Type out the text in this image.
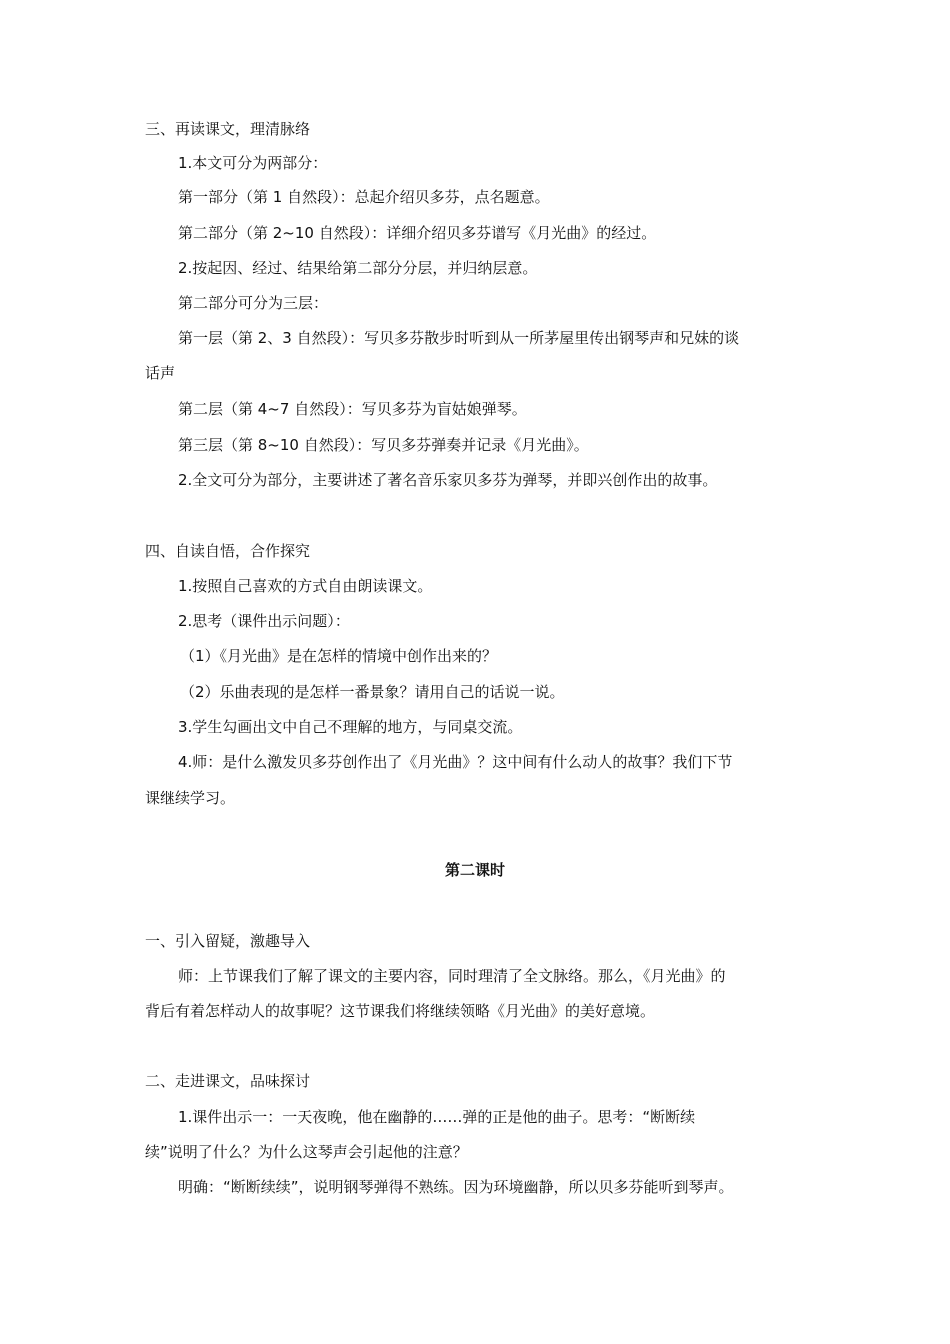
三、再读课文，理清脉络
1.本文可分为两部分：
第一部分（第 1 自然段）：总起介绍贝多芬，点名题意。
第二部分（第 2~10 自然段）：详细介绍贝多芬谱写《月光曲》的经过。
2.按起因、经过、结果给第二部分分层，并归纳层意。
第二部分可分为三层：
第一层（第 2、3 自然段）：写贝多芬散步时听到从一所茅屋里传出钢琴声和兄妹的谈
话声
第二层（第 4~7 自然段）：写贝多芬为盲姑娘弹琴。
第三层（第 8~10 自然段）：写贝多芬弹奏并记录《月光曲》。
2.全文可分为部分，主要讲述了著名音乐家贝多芬为弹琴，并即兴创作出的故事。
四、自读自悟，合作探究
1.按照自己喜欢的方式自由朗读课文。
2.思考（课件出示问题）：
（1）《月光曲》是在怎样的情境中创作出来的？
（2）乐曲表现的是怎样一番景象？请用自己的话说一说。
3.学生勾画出文中自己不理解的地方，与同桌交流。
4.师：是什么激发贝多芬创作出了《月光曲》？这中间有什么动人的故事？我们下节
课继续学习。
第二课时
一、引入留疑，激趣导入
师：上节课我们了解了课文的主要内容，同时理清了全文脉络。那么，《月光曲》的
背后有着怎样动人的故事呢？这节课我们将继续领略《月光曲》的美好意境。
二、走进课文，品味探讨
1.课件出示一：一天夜晚，他在幽静的……弹的正是他的曲子。思考：“断断续
续”说明了什么？为什么这琴声会引起他的注意？
明确：“断断续续”，说明钢琴弹得不熟练。因为环境幽静，所以贝多芬能听到琴声。
